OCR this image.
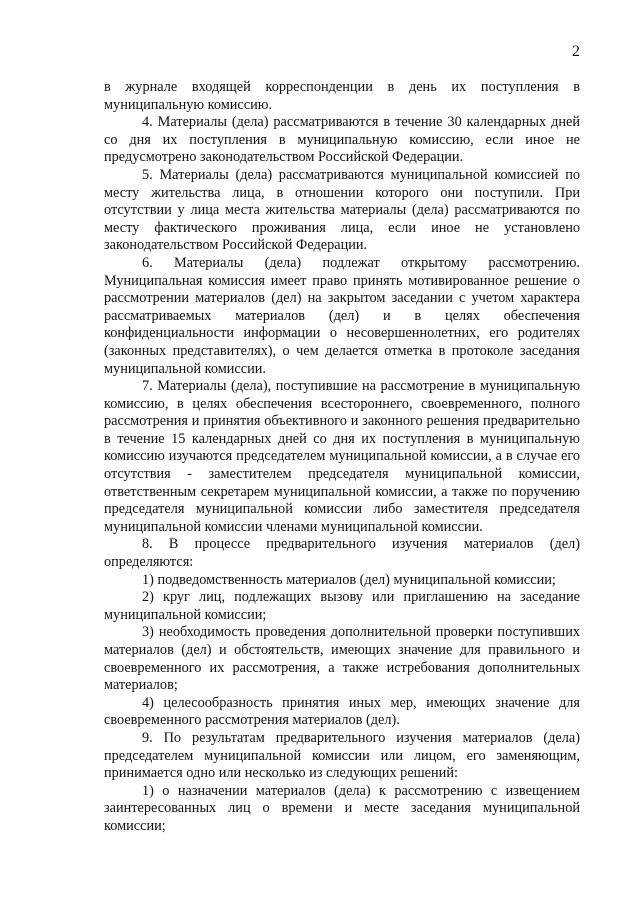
2

в журнале входящей корреспонденции в день их поступления в муниципальную комиссию.

4. Материалы (дела) рассматриваются в течение 30 календарных дней со дня их поступления в муниципальную комиссию, если иное не предусмотрено законодательством Российской Федерации.

5. Материалы (дела) рассматриваются муниципальной комиссией по месту жительства лица, в отношении которого они поступили. При отсутствии у лица места жительства материалы (дела) рассматриваются по месту фактического проживания лица, если иное не установлено законодательством Российской Федерации.

6. Материалы (дела) подлежат открытому рассмотрению. Муниципальная комиссия имеет право принять мотивированное решение о рассмотрении материалов (дел) на закрытом заседании с учетом характера рассматриваемых материалов (дел) и в целях обеспечения конфиденциальности информации о несовершеннолетних, его родителях (законных представителях), о чем делается отметка в протоколе заседания муниципальной комиссии.

7. Материалы (дела), поступившие на рассмотрение в муниципальную комиссию, в целях обеспечения всестороннего, своевременного, полного рассмотрения и принятия объективного и законного решения предварительно в течение 15 календарных дней со дня их поступления в муниципальную комиссию изучаются председателем муниципальной комиссии, а в случае его отсутствия - заместителем председателя муниципальной комиссии, ответственным секретарем муниципальной комиссии, а также по поручению председателя муниципальной комиссии либо заместителя председателя муниципальной комиссии членами муниципальной комиссии.

8. В процессе предварительного изучения материалов (дел) определяются:

1) подведомственность материалов (дел) муниципальной комиссии;

2) круг лиц, подлежащих вызову или приглашению на заседание муниципальной комиссии;

3) необходимость проведения дополнительной проверки поступивших материалов (дел) и обстоятельств, имеющих значение для правильного и своевременного их рассмотрения, а также истребования дополнительных материалов;

4) целесообразность принятия иных мер, имеющих значение для своевременного рассмотрения материалов (дел).

9. По результатам предварительного изучения материалов (дела) председателем муниципальной комиссии или лицом, его заменяющим, принимается одно или несколько из следующих решений:

1) о назначении материалов (дела) к рассмотрению с извещением заинтересованных лиц о времени и месте заседания муниципальной комиссии;
